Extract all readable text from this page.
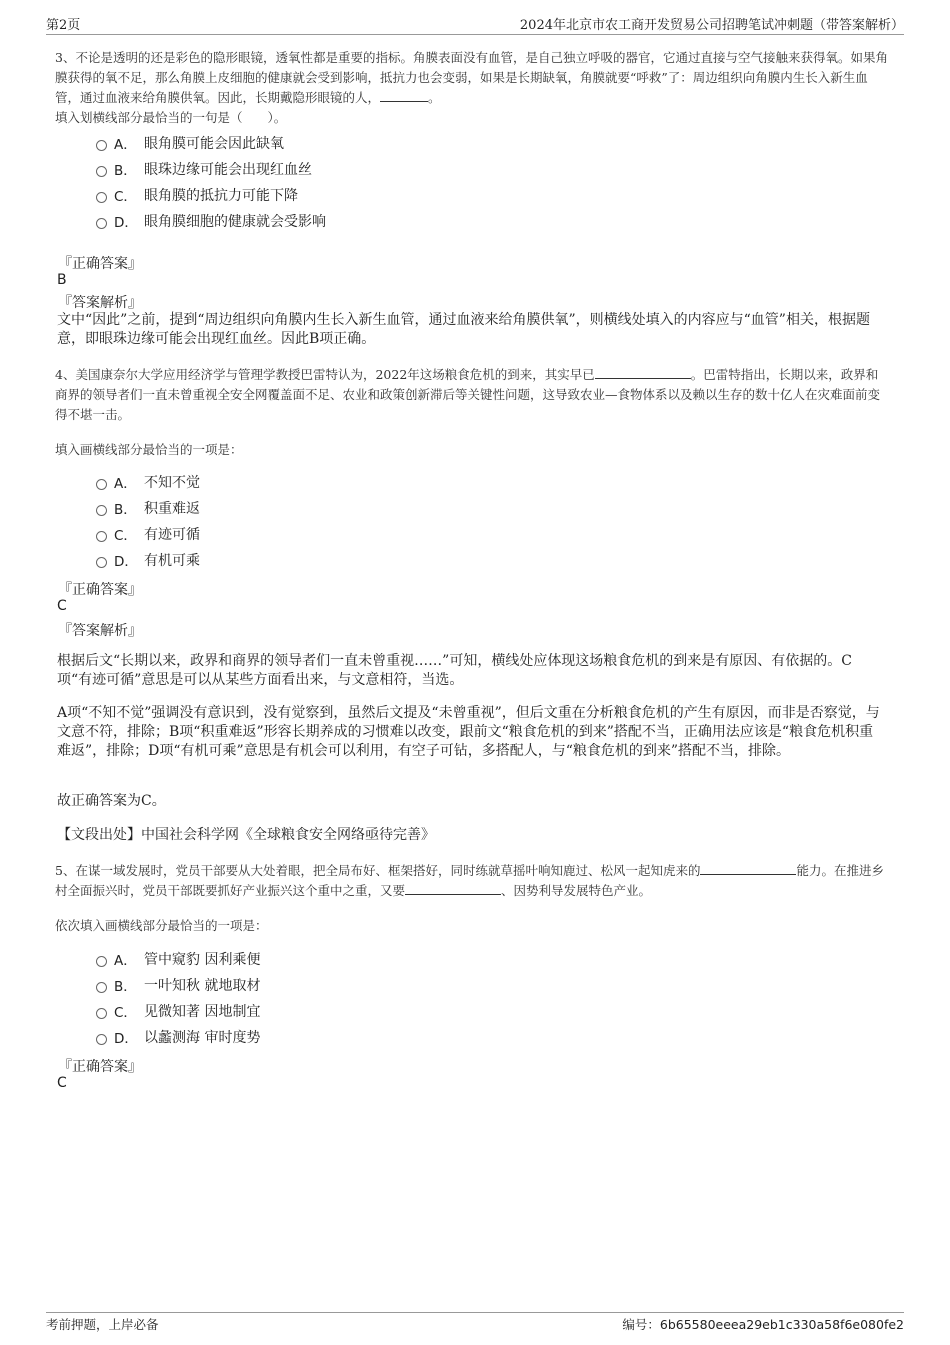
第2页	2024年北京市农工商开发贸易公司招聘笔试冲刺题（带答案解析）
3、不论是透明的还是彩色的隐形眼镜，透氧性都是重要的指标。角膜表面没有血管，是自己独立呼吸的器官，它通过直接与空气接触来获得氧。如果角膜获得的氧不足，那么角膜上皮细胞的健康就会受到影响，抵抗力也会变弱，如果是长期缺氧，角膜就要“呼救”了：周边组织向角膜内生长入新生血管，通过血液来给角膜供氧。因此，长期戴隐形眼镜的人，	。
填入划横线部分最恰当的一句是（　　）。
A． 眼角膜可能会因此缺氧
B． 眼珠边缘可能会出现红血丝
C． 眼角膜的抵抗力可能下降
D． 眼角膜细胞的健康就会受影响
『正确答案』
B
『答案解析』
文中“因此”之前，提到“周边组织向角膜内生长入新生血管，通过血液来给角膜供氧”，则横线处填入的内容应与“血管”相关，根据题意，即眼珠边缘可能会出现红血丝。因此B项正确。
4、美国康奈尔大学应用经济学与管理学教授巴雷特认为，2022年这场粮食危机的到来，其实早已	。巴雷特指出，长期以来，政界和商界的领导者们一直未曾重视全安全网覆盖面不足、农业和政策创新滞后等关键性问题，这导致农业—食物体系以及赖以生存的数十亿人在灾难面前变得不堪一击。
填入画横线部分最恰当的一项是：
A． 不知不觉
B． 积重难返
C． 有迹可循
D． 有机可乘
『正确答案』
C
『答案解析』
根据后文“长期以来，政界和商界的领导者们一直未曾重视……”可知，横线处应体现这场粮食危机的到来是有原因、有依据的。C项“有迹可循”意思是可以从某些方面看出来，与文意相符，当选。
A项“不知不觉”强调没有意识到，没有觉察到，虽然后文提及“未曾重视”，但后文重在分析粮食危机的产生有原因，而非是否察觉，与文意不符，排除；B项“积重难返”形容长期养成的习惯难以改变，跟前文“粮食危机的到来”搭配不当，正确用法应该是“粮食危机积重难返”，排除；D项“有机可乘”意思是有机会可以利用，有空子可钻，多搭配人，与“粮食危机的到来”搭配不当，排除。
故正确答案为C。
【文段出处】中国社会科学网《全球粮食安全网络亟待完善》
5、在谋一域发展时，党员干部要从大处着眼，把全局布好、框架搭好，同时练就草摇叶响知鹿过、松风一起知虎来的	能力。在推进乡村全面振兴时，党员干部既要抓好产业振兴这个重中之重，又要	、因势利导发展特色产业。
依次填入画横线部分最恰当的一项是：
A． 管中窥豹 因利乘便
B． 一叶知秋 就地取材
C． 见微知著 因地制宜
D． 以蠡测海 审时度势
『正确答案』
C
考前押题，上岸必备	编号：6b65580eeea29eb1c330a58f6e080fe2
